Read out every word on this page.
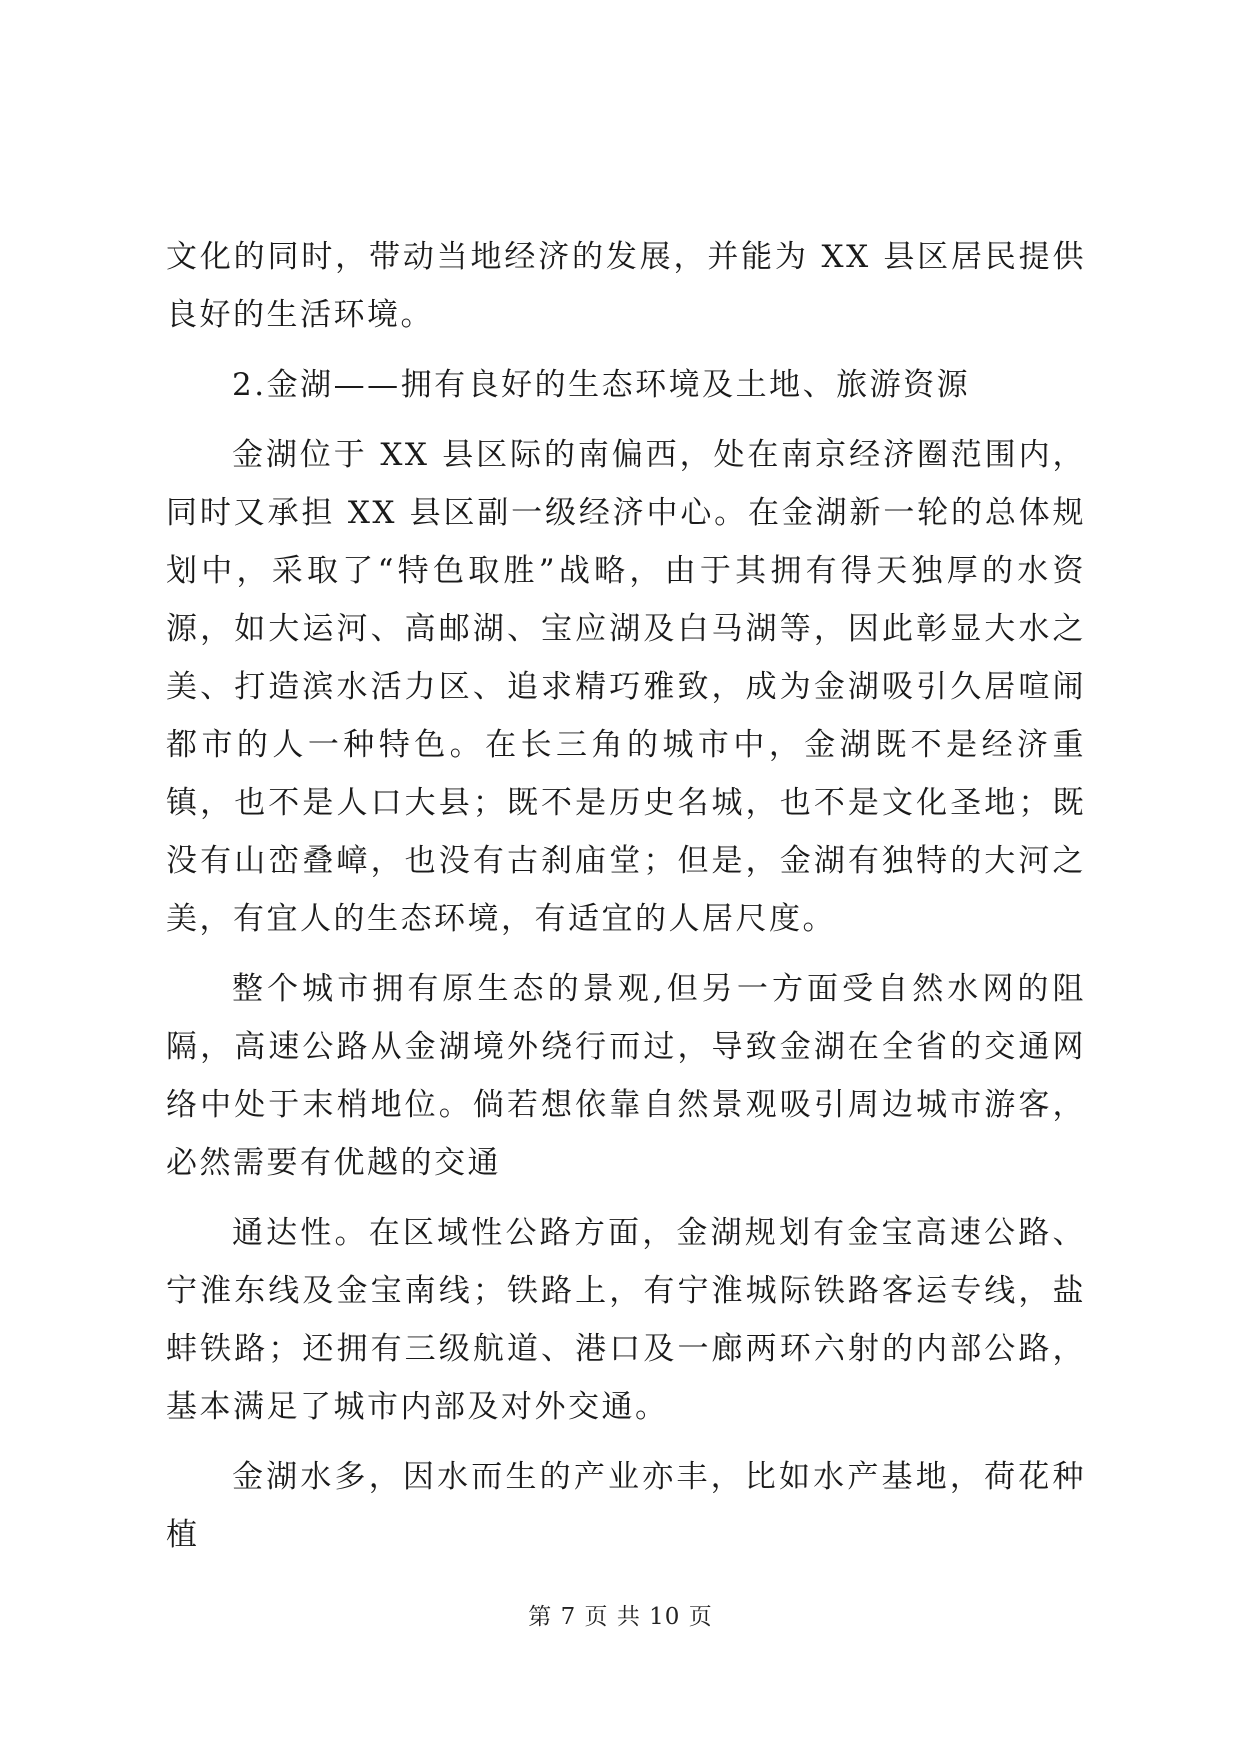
文化的同时，带动当地经济的发展，并能为 XX 县区居民提供良好的生活环境。

2.金湖——拥有良好的生态环境及土地、旅游资源

金湖位于 XX 县区际的南偏西，处在南京经济圈范围内，同时又承担 XX 县区副一级经济中心。在金湖新一轮的总体规划中，采取了“特色取胜”战略，由于其拥有得天独厚的水资源，如大运河、高邮湖、宝应湖及白马湖等，因此彰显大水之美、打造滨水活力区、追求精巧雅致，成为金湖吸引久居喧闹都市的人一种特色。在长三角的城市中，金湖既不是经济重镇，也不是人口大县；既不是历史名城，也不是文化圣地；既没有山峦叠嶂，也没有古刹庙堂；但是，金湖有独特的大河之美，有宜人的生态环境，有适宜的人居尺度。

整个城市拥有原生态的景观,但另一方面受自然水网的阻隔，高速公路从金湖境外绕行而过，导致金湖在全省的交通网络中处于末梢地位。倘若想依靠自然景观吸引周边城市游客，必然需要有优越的交通

通达性。在区域性公路方面，金湖规划有金宝高速公路、宁淮东线及金宝南线；铁路上，有宁淮城际铁路客运专线，盐蚌铁路；还拥有三级航道、港口及一廊两环六射的内部公路，基本满足了城市内部及对外交通。

金湖水多，因水而生的产业亦丰，比如水产基地，荷花种植

第 7 页 共 10 页
